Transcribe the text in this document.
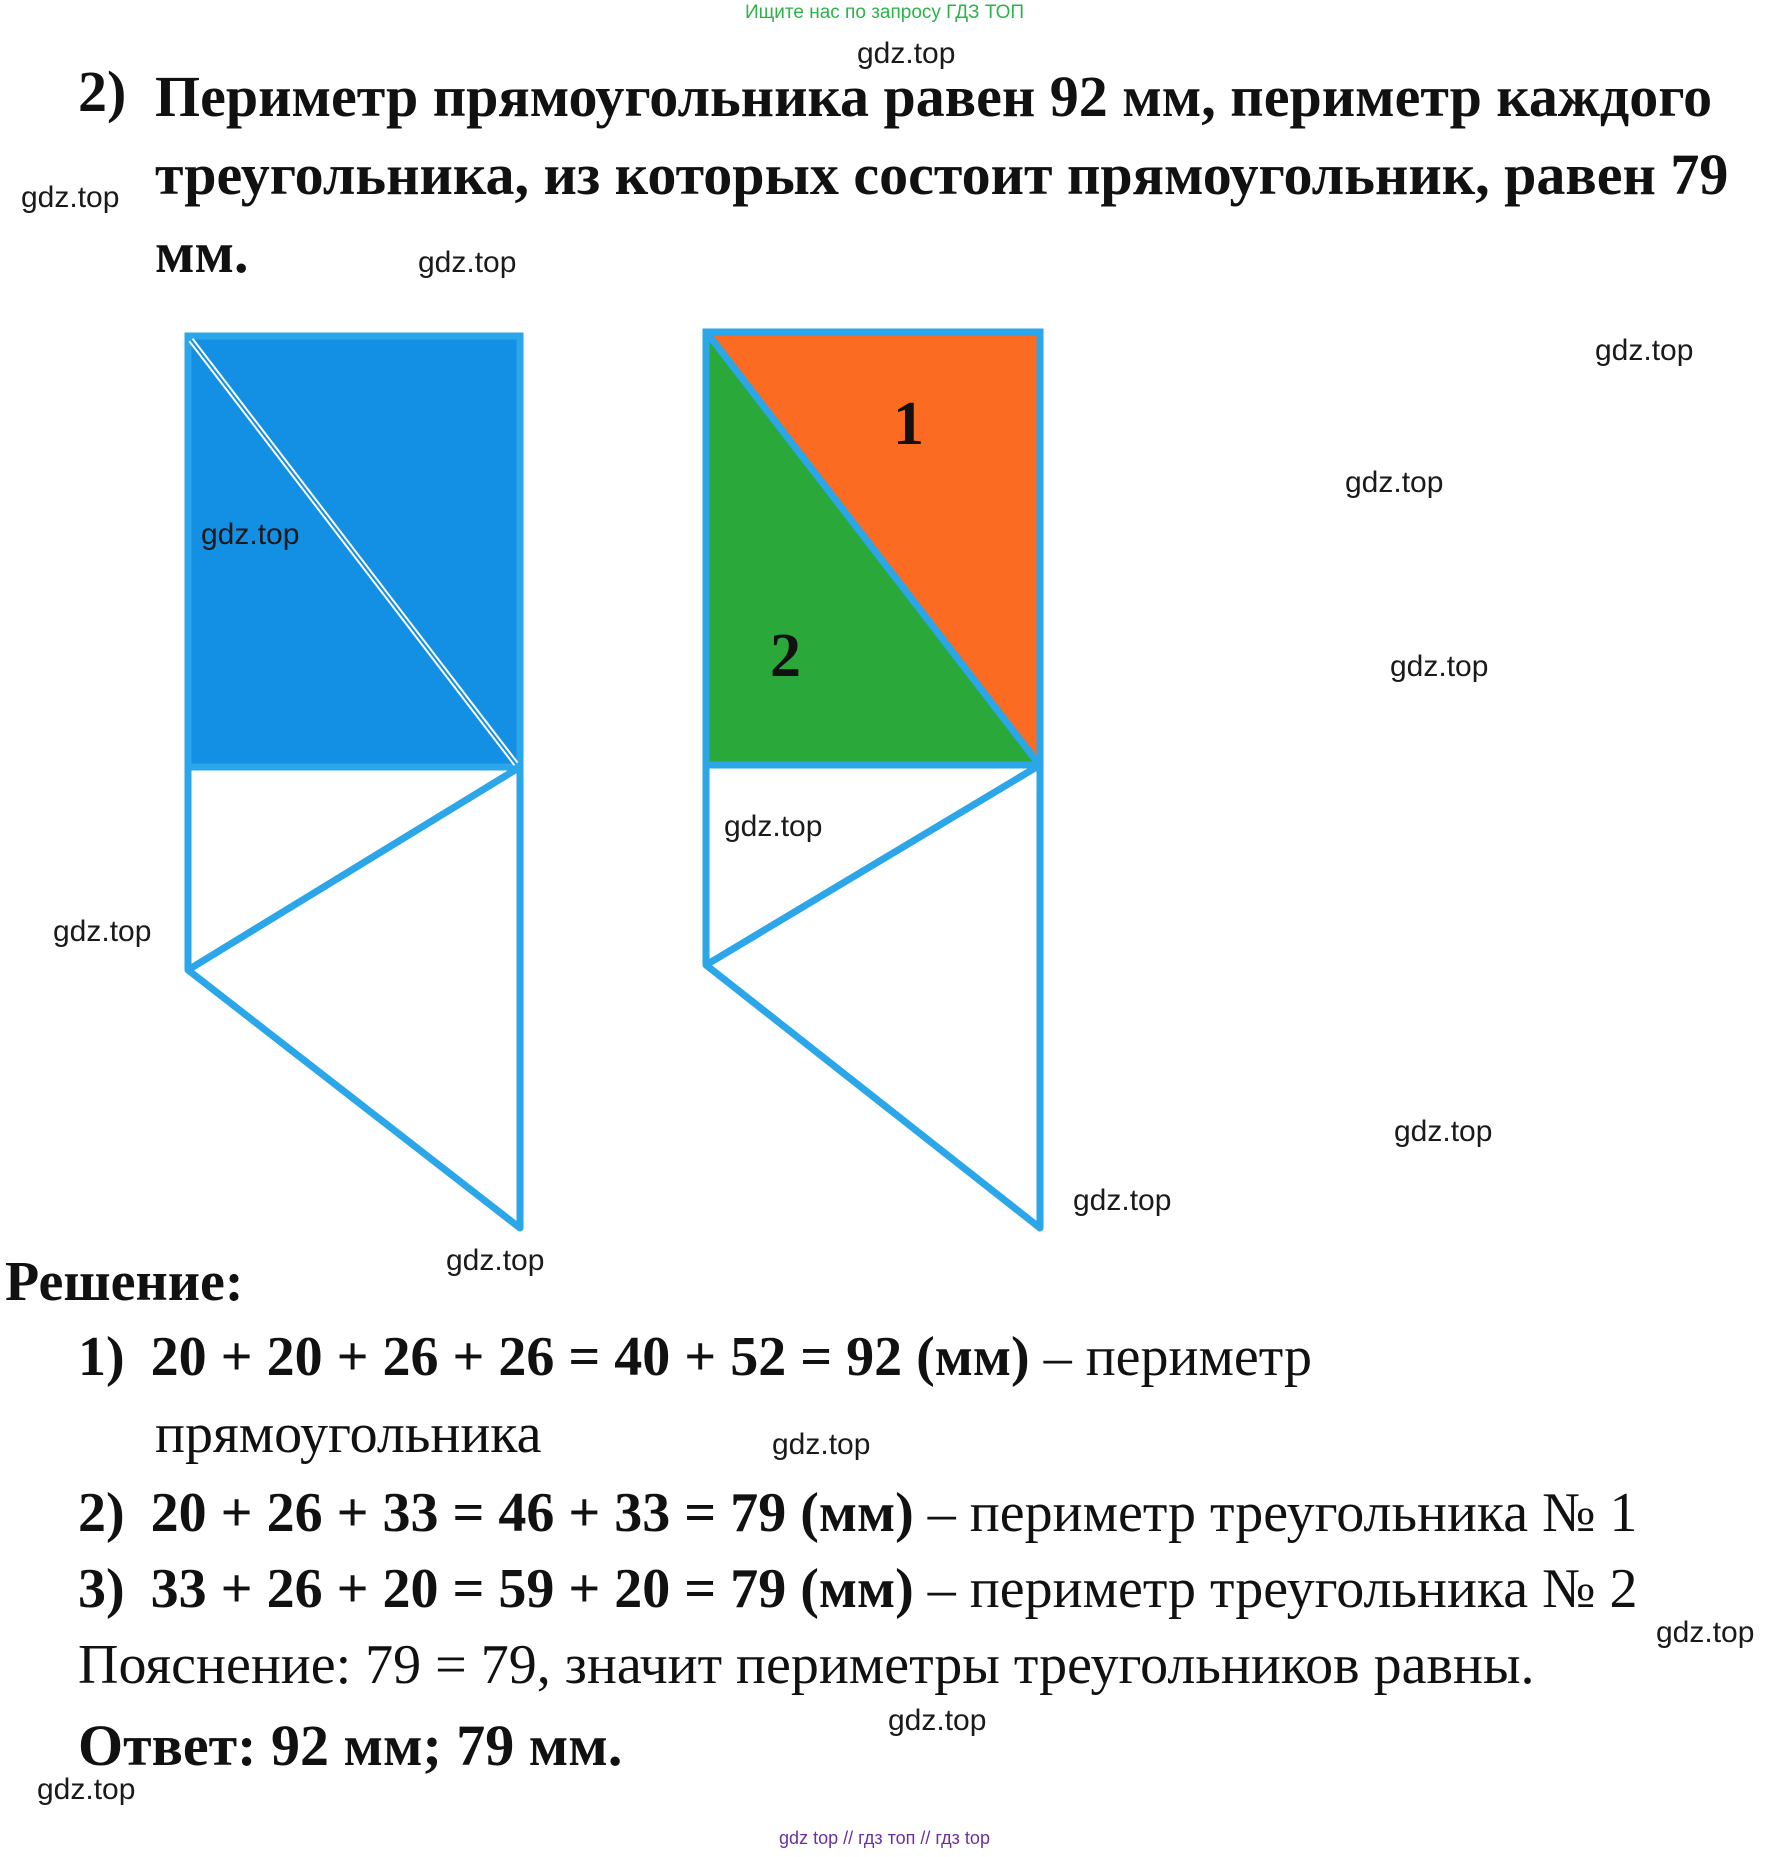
Ищите нас по запросу ГДЗ ТОП
2) Периметр прямоугольника равен 92 мм, периметр каждого треугольника, из которых состоит прямоугольник, равен 79 мм.
1
2
gdz.top
gdz.top
gdz.top
gdz.top
gdz.top
gdz.top
gdz.top
gdz.top
gdz.top
gdz.top
gdz.top
gdz.top
gdz.top
gdz.top
gdz.top
gdz.top
Решение:
1) 20 + 20 + 26 + 26 = 40 + 52 = 92 (мм) – периметр
прямоугольника
2) 20 + 26 + 33 = 46 + 33 = 79 (мм) – периметр треугольника № 1
3) 33 + 26 + 20 = 59 + 20 = 79 (мм) – периметр треугольника № 2
Пояснение: 79 = 79, значит периметры треугольников равны.
Ответ: 92 мм; 79 мм.
gdz top // гдз топ // гдз top
